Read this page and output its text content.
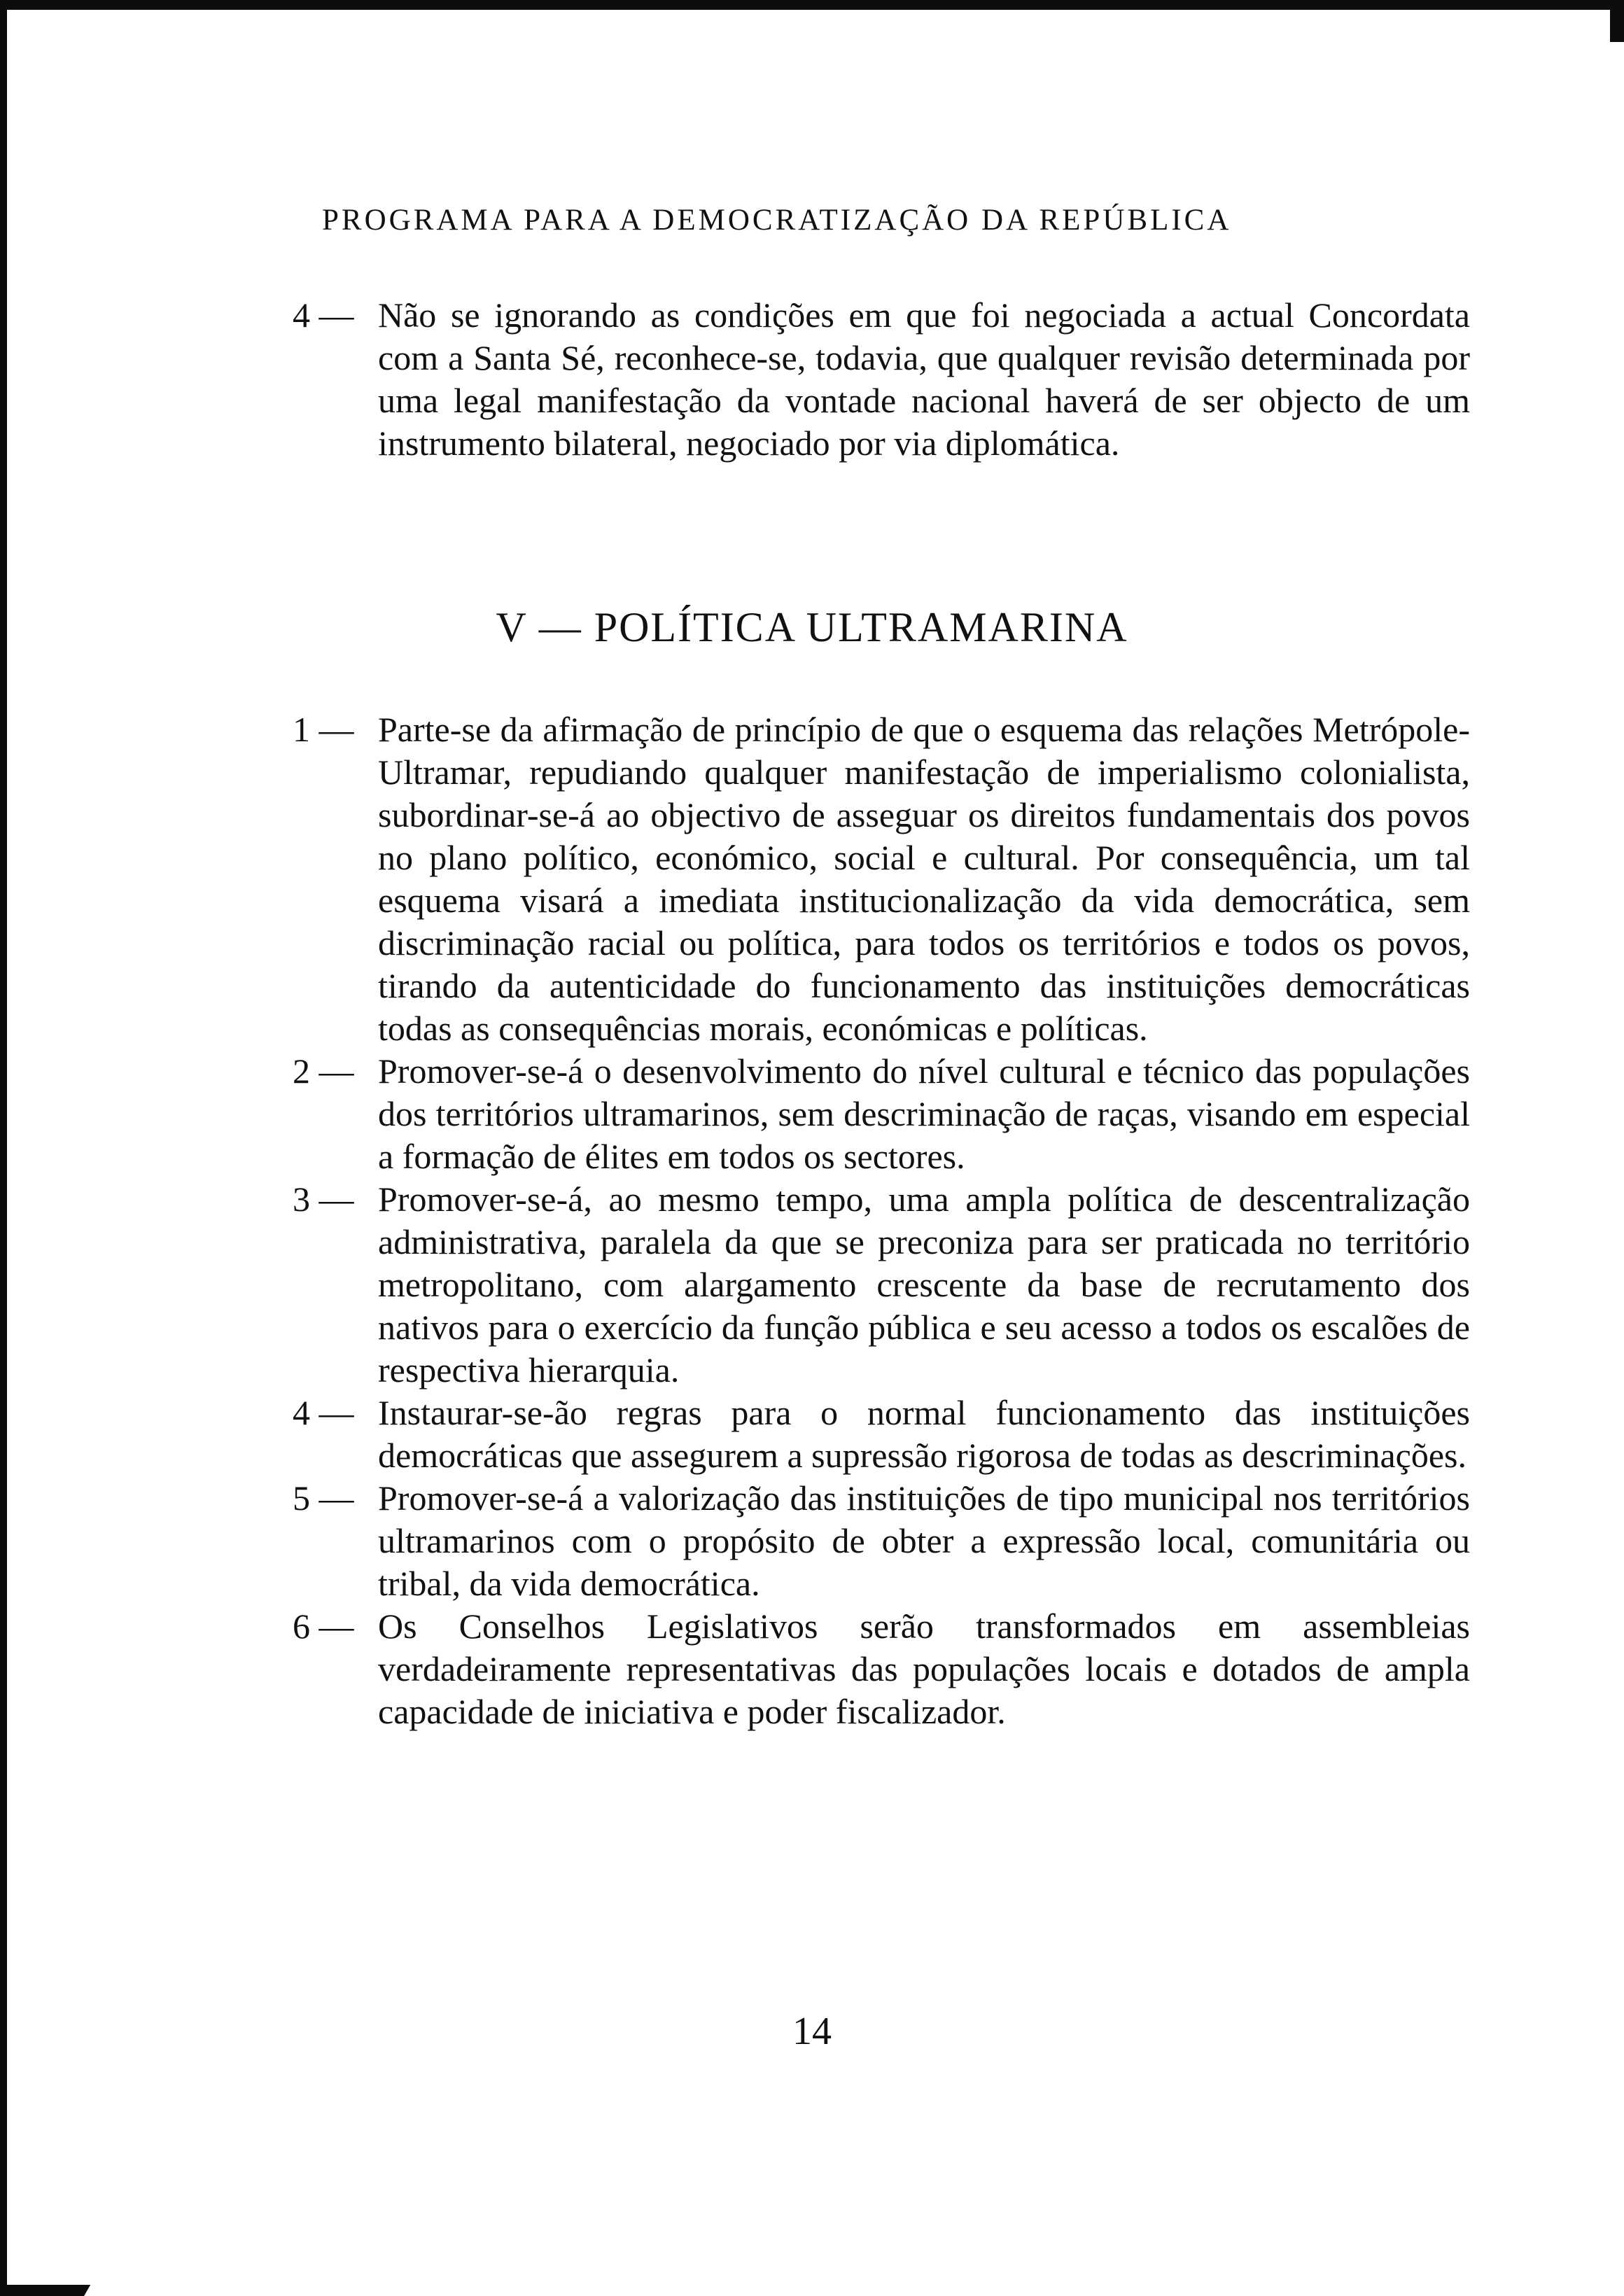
PROGRAMA PARA A DEMOCRATIZAÇÃO DA REPÚBLICA
4 — Não se ignorando as condições em que foi negociada a actual Concordata com a Santa Sé, reconhece-se, todavia, que qualquer revisão determinada por uma legal manifestação da vontade nacional haverá de ser objecto de um instrumento bilateral, negociado por via diplomática.
V — POLÍTICA ULTRAMARINA
1 — Parte-se da afirmação de princípio de que o esquema das relações Metrópole-Ultramar, repudiando qualquer manifestação de imperialismo colonialista, subordinar-se-á ao objectivo de asseguar os direitos fundamentais dos povos no plano político, económico, social e cultural. Por consequência, um tal esquema visará a imediata institucionalização da vida democrática, sem discriminação racial ou política, para todos os territórios e todos os povos, tirando da autenticidade do funcionamento das instituições democráticas todas as consequências morais, económicas e políticas.
2 — Promover-se-á o desenvolvimento do nível cultural e técnico das populações dos territórios ultramarinos, sem descriminação de raças, visando em especial a formação de élites em todos os sectores.
3 — Promover-se-á, ao mesmo tempo, uma ampla política de descentralização administrativa, paralela da que se preconiza para ser praticada no território metropolitano, com alargamento crescente da base de recrutamento dos nativos para o exercício da função pública e seu acesso a todos os escalões de respectiva hierarquia.
4 — Instaurar-se-ão regras para o normal funcionamento das instituições democráticas que assegurem a supressão rigorosa de todas as descriminações.
5 — Promover-se-á a valorização das instituições de tipo municipal nos territórios ultramarinos com o propósito de obter a expressão local, comunitária ou tribal, da vida democrática.
6 — Os Conselhos Legislativos serão transformados em assembleias verdadeiramente representativas das populações locais e dotados de ampla capacidade de iniciativa e poder fiscalizador.
14
